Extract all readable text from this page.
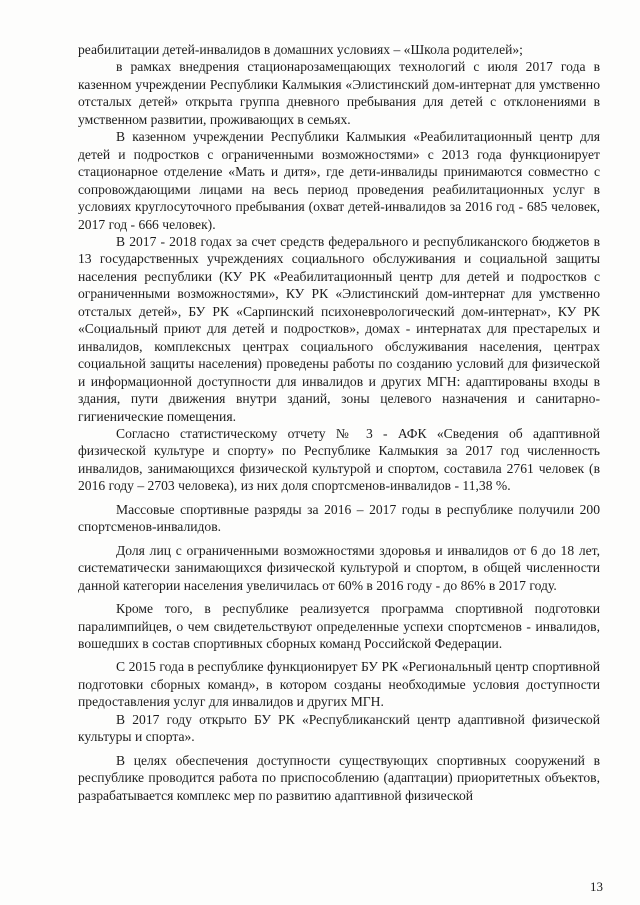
реабилитации детей-инвалидов в домашних условиях – «Школа родителей»;

в рамках внедрения стационарозамещающих технологий с июля 2017 года в казенном учреждении Республики Калмыкия «Элистинский дом-интернат для умственно отсталых детей» открыта группа дневного пребывания для детей с отклонениями в умственном развитии, проживающих в семьях.

В казенном учреждении Республики Калмыкия «Реабилитационный центр для детей и подростков с ограниченными возможностями» с 2013 года функционирует стационарное отделение «Мать и дитя», где дети-инвалиды принимаются совместно с сопровождающими лицами на весь период проведения реабилитационных услуг в условиях круглосуточного пребывания (охват детей-инвалидов за 2016 год - 685 человек, 2017 год - 666 человек).

В 2017 - 2018 годах за счет средств федерального и республиканского бюджетов в 13 государственных учреждениях социального обслуживания и социальной защиты населения республики (КУ РК «Реабилитационный центр для детей и подростков с ограниченными возможностями», КУ РК «Элистинский дом-интернат для умственно отсталых детей», БУ РК «Сарпинский психоневрологический дом-интернат», КУ РК «Социальный приют для детей и подростков», домах - интернатах для престарелых и инвалидов, комплексных центрах социального обслуживания населения, центрах социальной защиты населения) проведены работы по созданию условий для физической и информационной доступности для инвалидов и других МГН: адаптированы входы в здания, пути движения внутри зданий, зоны целевого назначения и санитарно-гигиенические помещения.

Согласно статистическому отчету № 3 - АФК «Сведения об адаптивной физической культуре и спорту» по Республике Калмыкия за 2017 год численность инвалидов, занимающихся физической культурой и спортом, составила 2761 человек (в 2016 году – 2703 человека), из них доля спортсменов-инвалидов - 11,38 %.

Массовые спортивные разряды за 2016 – 2017 годы в республике получили 200 спортсменов-инвалидов.

Доля лиц с ограниченными возможностями здоровья и инвалидов от 6 до 18 лет, систематически занимающихся физической культурой и спортом, в общей численности данной категории населения увеличилась от 60% в 2016 году - до 86% в 2017 году.

Кроме того, в республике реализуется программа спортивной подготовки паралимпийцев, о чем свидетельствуют определенные успехи спортсменов - инвалидов, вошедших в состав спортивных сборных команд Российской Федерации.

С 2015 года в республике функционирует БУ РК «Региональный центр спортивной подготовки сборных команд», в котором созданы необходимые условия доступности предоставления услуг для инвалидов и других МГН.

В 2017 году открыто БУ РК «Республиканский центр адаптивной физической культуры и спорта».

В целях обеспечения доступности существующих спортивных сооружений в республике проводится работа по приспособлению (адаптации) приоритетных объектов, разрабатывается комплекс мер по развитию адаптивной физической

13
